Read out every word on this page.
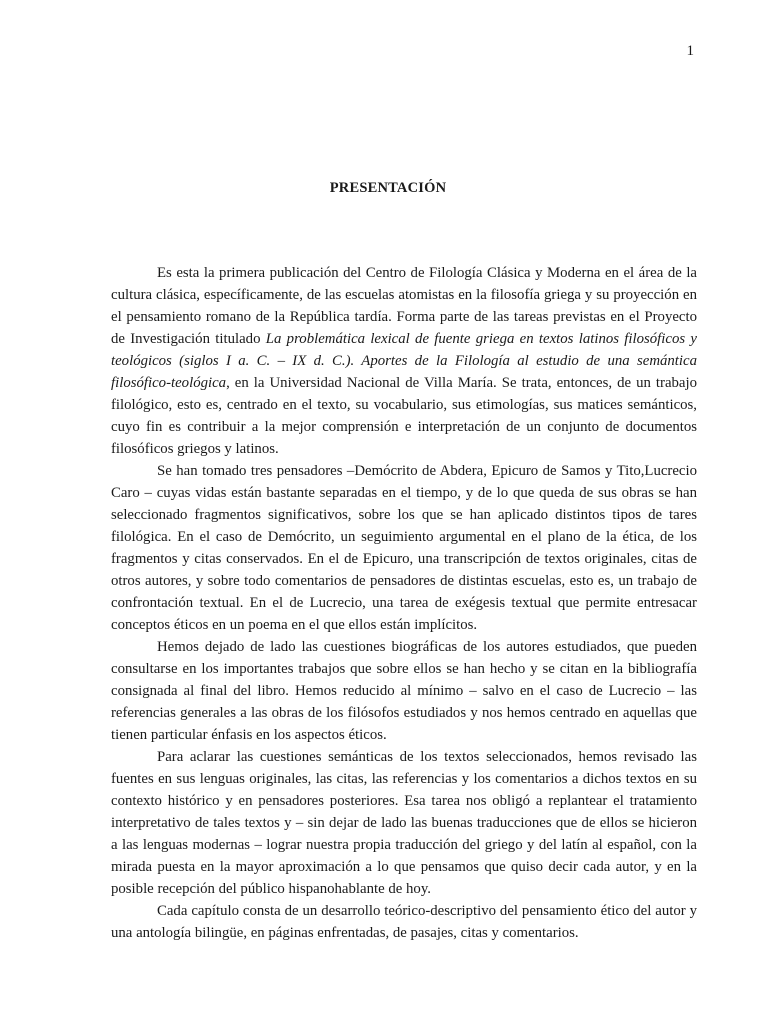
1
PRESENTACIÓN

Es esta la primera publicación del Centro de Filología Clásica y Moderna en el área de la cultura clásica, específicamente, de las escuelas atomistas en la filosofía griega y su proyección en el pensamiento romano de la República tardía. Forma parte de las tareas previstas en el Proyecto de Investigación titulado La problemática lexical de fuente griega en textos latinos filosóficos y teológicos (siglos I a. C. – IX d. C.). Aportes de la Filología al estudio de una semántica filosófico-teológica, en la Universidad Nacional de Villa María. Se trata, entonces, de un trabajo filológico, esto es, centrado en el texto, su vocabulario, sus etimologías, sus matices semánticos, cuyo fin es contribuir a la mejor comprensión e interpretación de un conjunto de documentos filosóficos griegos y latinos.

Se han tomado tres pensadores –Demócrito de Abdera, Epicuro de Samos y Tito,Lucrecio Caro – cuyas vidas están bastante separadas en el tiempo, y de lo que queda de sus obras se han seleccionado fragmentos significativos, sobre los que se han aplicado distintos tipos de tares filológica. En el caso de Demócrito, un seguimiento argumental en el plano de la ética, de los fragmentos y citas conservados. En el de Epicuro, una transcripción de textos originales, citas de otros autores, y sobre todo comentarios de pensadores de distintas escuelas, esto es, un trabajo de confrontación textual. En el de Lucrecio, una tarea de exégesis textual que permite entresacar conceptos éticos en un poema en el que ellos están implícitos.

Hemos dejado de lado las cuestiones biográficas de los autores estudiados, que pueden consultarse en los importantes trabajos que sobre ellos se han hecho y se citan en la bibliografía consignada al final del libro. Hemos reducido al mínimo – salvo en el caso de Lucrecio – las referencias generales a las obras de los filósofos estudiados y nos hemos centrado en aquellas que tienen particular énfasis en los aspectos éticos.

Para aclarar las cuestiones semánticas de los textos seleccionados, hemos revisado las fuentes en sus lenguas originales, las citas, las referencias y los comentarios a dichos textos en su contexto histórico y en pensadores posteriores. Esa tarea nos obligó a replantear el tratamiento interpretativo de tales textos y – sin dejar de lado las buenas traducciones que de ellos se hicieron a las lenguas modernas – lograr nuestra propia traducción del griego y del latín al español, con la mirada puesta en la mayor aproximación a lo que pensamos que quiso decir cada autor, y en la posible recepción del público hispanohablante de hoy.

Cada capítulo consta de un desarrollo teórico-descriptivo del pensamiento ético del autor y una antología bilingüe, en páginas enfrentadas, de pasajes, citas y comentarios.
